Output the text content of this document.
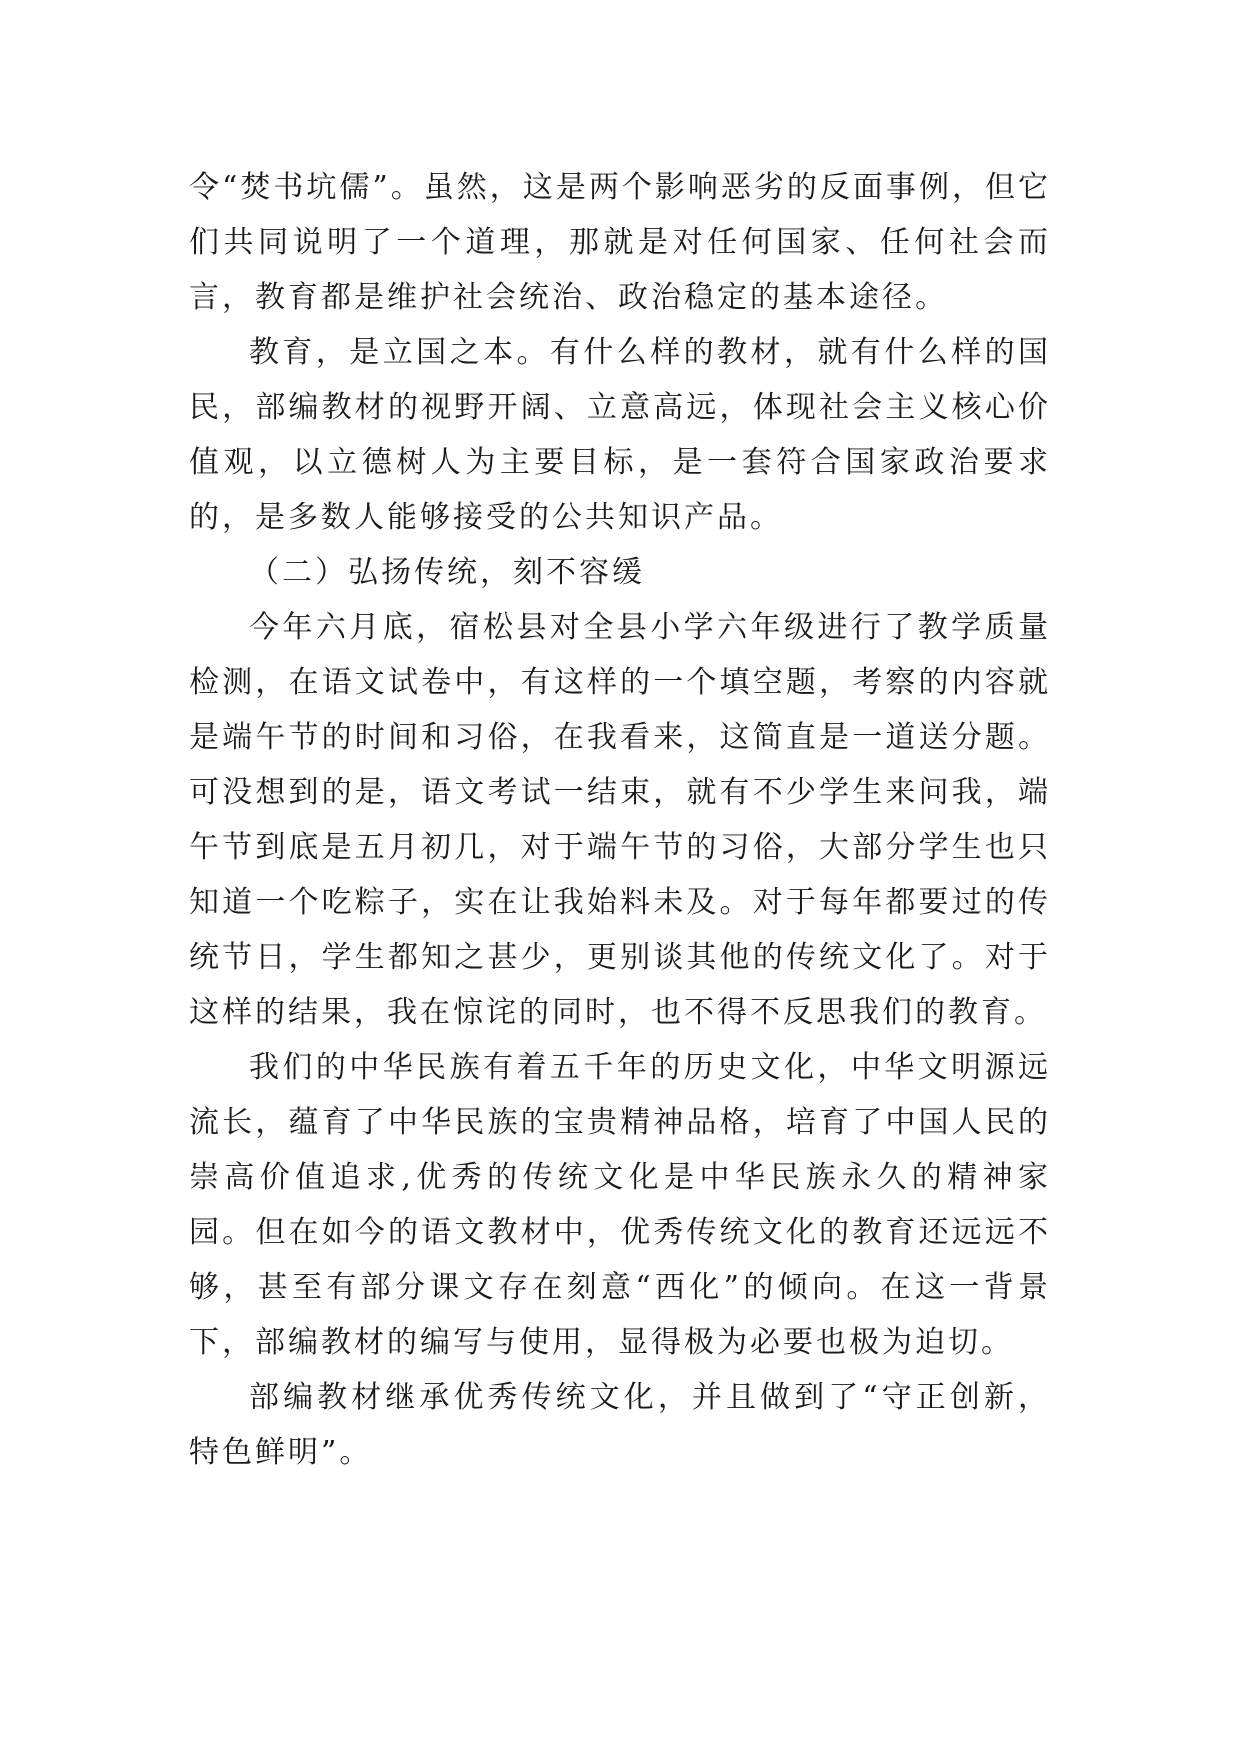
令“焚书坑儒”。虽然，这是两个影响恶劣的反面事例，但它们共同说明了一个道理，那就是对任何国家、任何社会而言，教育都是维护社会统治、政治稳定的基本途径。

教育，是立国之本。有什么样的教材，就有什么样的国民，部编教材的视野开阔、立意高远，体现社会主义核心价值观，以立德树人为主要目标，是一套符合国家政治要求的，是多数人能够接受的公共知识产品。

（二）弘扬传统，刻不容缓

今年六月底，宿松县对全县小学六年级进行了教学质量检测，在语文试卷中，有这样的一个填空题，考察的内容就是端午节的时间和习俗，在我看来，这简直是一道送分题。可没想到的是，语文考试一结束，就有不少学生来问我，端午节到底是五月初几，对于端午节的习俗，大部分学生也只知道一个吃粽子，实在让我始料未及。对于每年都要过的传统节日，学生都知之甚少，更别谈其他的传统文化了。对于这样的结果，我在惊诧的同时，也不得不反思我们的教育。

我们的中华民族有着五千年的历史文化，中华文明源远流长，蕴育了中华民族的宝贵精神品格，培育了中国人民的崇高价值追求,优秀的传统文化是中华民族永久的精神家园。但在如今的语文教材中，优秀传统文化的教育还远远不够，甚至有部分课文存在刻意“西化”的倾向。在这一背景下，部编教材的编写与使用，显得极为必要也极为迫切。

部编教材继承优秀传统文化，并且做到了“守正创新，特色鲜明”。
